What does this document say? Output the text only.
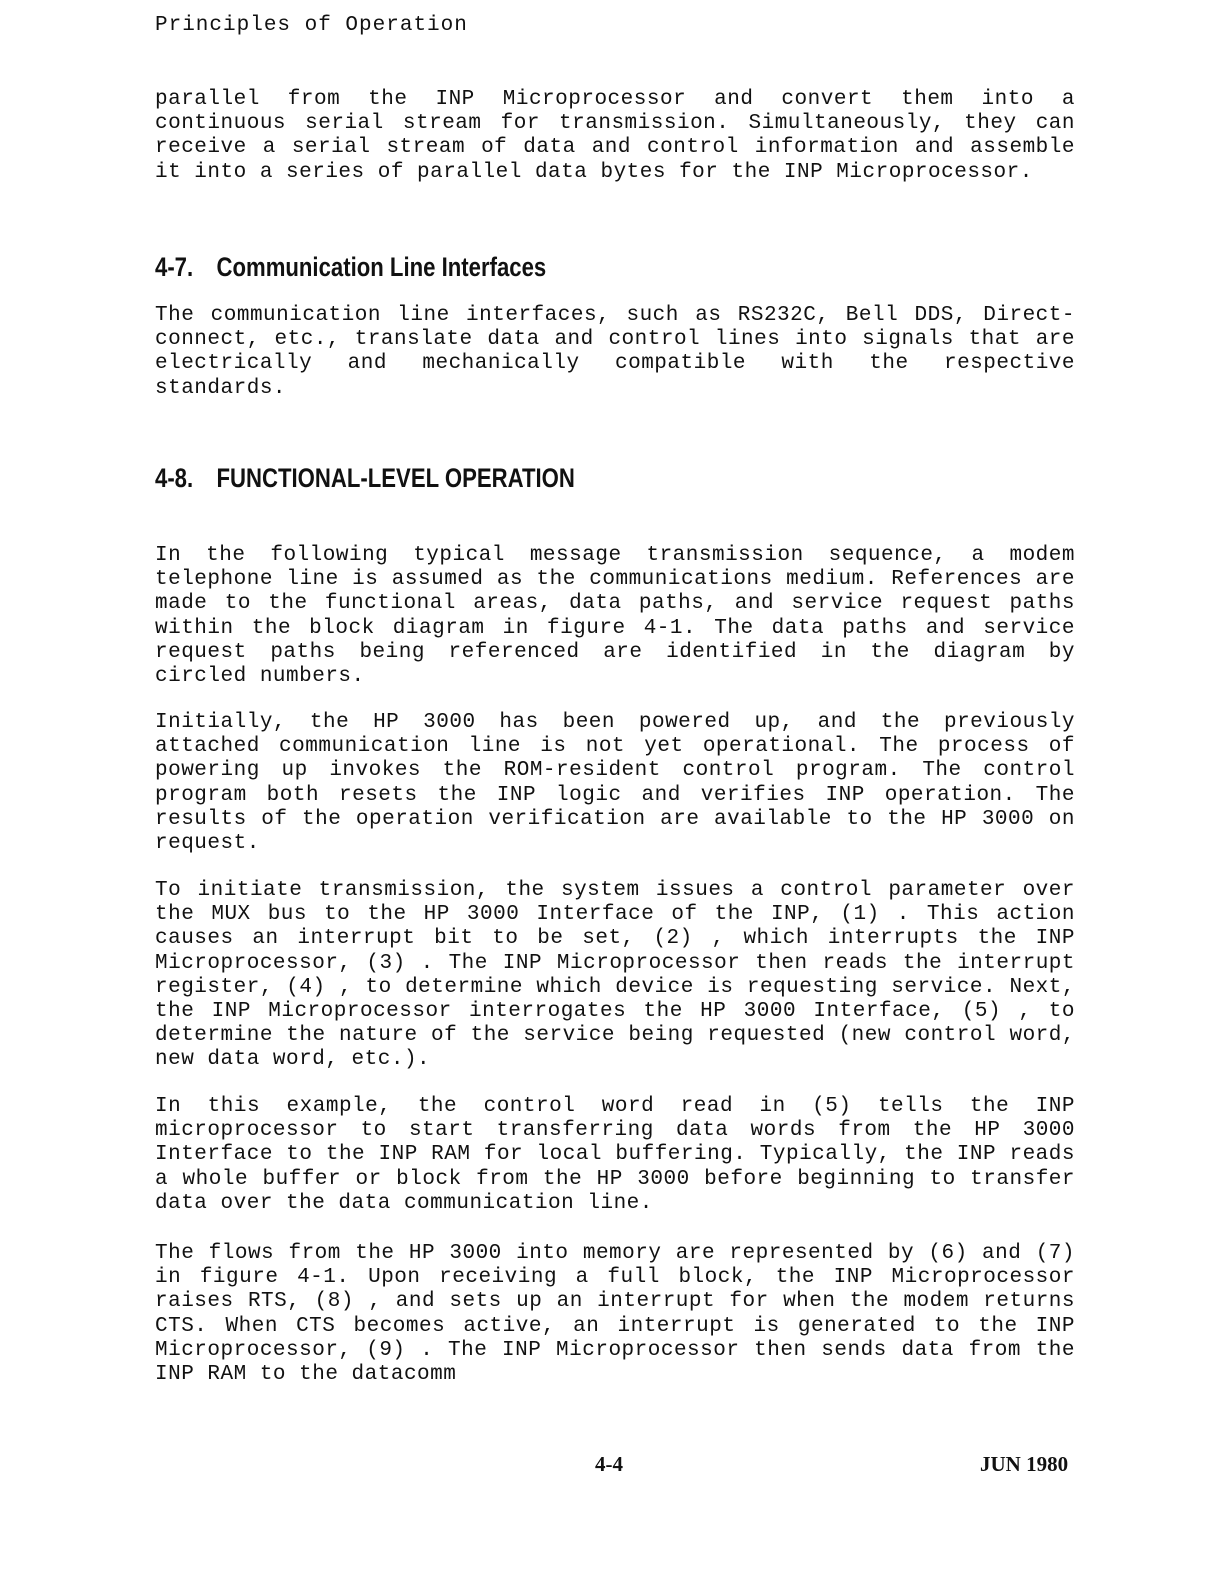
Principles of Operation

parallel from the INP Microprocessor and convert them into a continuous serial stream for transmission. Simultaneously, they can receive a serial stream of data and control information and assemble it into a series of parallel data bytes for the INP Microprocessor.

4-7. Communication Line Interfaces

The communication line interfaces, such as RS232C, Bell DDS, Direct-connect, etc., translate data and control lines into signals that are electrically and mechanically compatible with the respective standards.

4-8. FUNCTIONAL-LEVEL OPERATION

In the following typical message transmission sequence, a modem telephone line is assumed as the communications medium. References are made to the functional areas, data paths, and service request paths within the block diagram in figure 4-1. The data paths and service request paths being referenced are identified in the diagram by circled numbers.

Initially, the HP 3000 has been powered up, and the previously attached communication line is not yet operational. The process of powering up invokes the ROM-resident control program. The control program both resets the INP logic and verifies INP operation. The results of the operation verification are available to the HP 3000 on request.

To initiate transmission, the system issues a control parameter over the MUX bus to the HP 3000 Interface of the INP, (1) . This action causes an interrupt bit to be set, (2) , which interrupts the INP Microprocessor, (3) . The INP Microprocessor then reads the interrupt register, (4) , to determine which device is requesting service. Next, the INP Microprocessor interrogates the HP 3000 Interface, (5) , to determine the nature of the service being requested (new control word, new data word, etc.).

In this example, the control word read in (5) tells the INP microprocessor to start transferring data words from the HP 3000 Interface to the INP RAM for local buffering. Typically, the INP reads a whole buffer or block from the HP 3000 before beginning to transfer data over the data communication line.

The flows from the HP 3000 into memory are represented by (6) and (7) in figure 4-1. Upon receiving a full block, the INP Microprocessor raises RTS, (8) , and sets up an interrupt for when the modem returns CTS. When CTS becomes active, an interrupt is generated to the INP Microprocessor, (9) . The INP Microprocessor then sends data from the INP RAM to the datacomm

4-4	JUN 1980
